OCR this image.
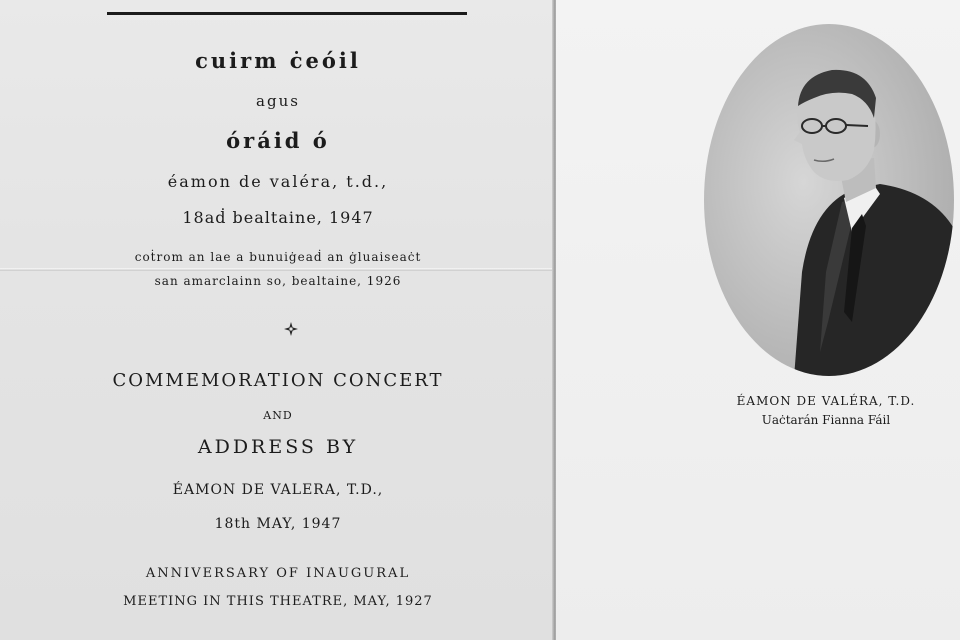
cuirm ċeóil

agus

óráid ó

éamon de valéra, t.d.,

18aḋ bealtaine, 1947

coṫrom an lae a bunuiġeaḋ an ġluaiseaċt

san amarclainn so, bealtaine, 1926

COMMEMORATION CONCERT

AND

ADDRESS BY

ÉAMON DE VALERA, T.D.,

18th MAY, 1947

ANNIVERSARY OF INAUGURAL

MEETING IN THIS THEATRE, MAY, 1927

ÉAMON DE VALÉRA, T.D.

Uaċtarán Fianna Fáil
